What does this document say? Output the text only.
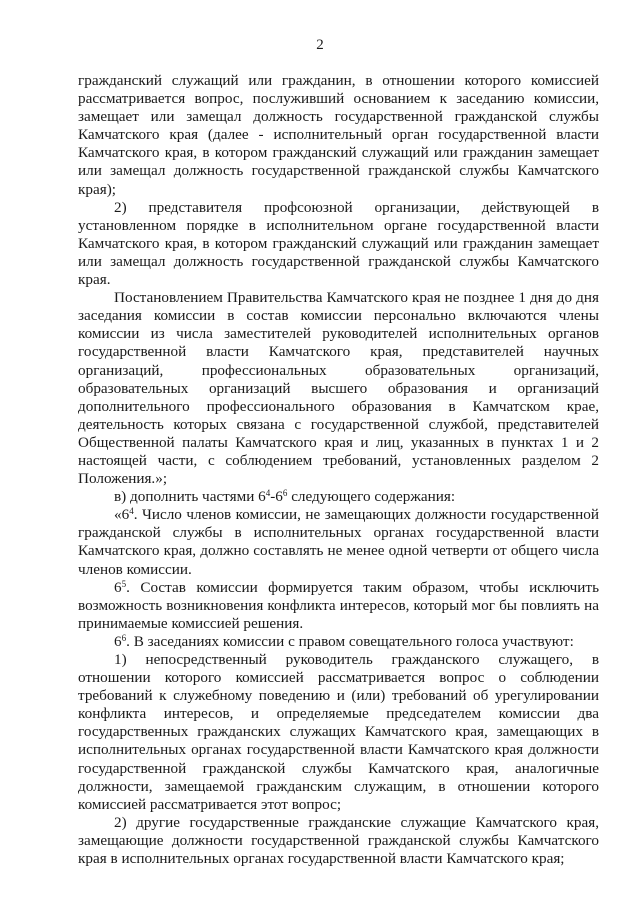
2

гражданский служащий или гражданин, в отношении которого комиссией рассматривается вопрос, послуживший основанием к заседанию комиссии, замещает или замещал должность государственной гражданской службы Камчатского края (далее - исполнительный орган государственной власти Камчатского края, в котором гражданский служащий или гражданин замещает или замещал должность государственной гражданской службы Камчатского края);

2) представителя профсоюзной организации, действующей в установленном порядке в исполнительном органе государственной власти Камчатского края, в котором гражданский служащий или гражданин замещает или замещал должность государственной гражданской службы Камчатского края.

Постановлением Правительства Камчатского края не позднее 1 дня до дня заседания комиссии в состав комиссии персонально включаются члены комиссии из числа заместителей руководителей исполнительных органов государственной власти Камчатского края, представителей научных организаций, профессиональных образовательных организаций, образовательных организаций высшего образования и организаций дополнительного профессионального образования в Камчатском крае, деятельность которых связана с государственной службой, представителей Общественной палаты Камчатского края и лиц, указанных в пунктах 1 и 2 настоящей части, с соблюдением требований, установленных разделом 2 Положения.»;

в) дополнить частями $6^4-6^6$ следующего содержания:

«$6^4$. Число членов комиссии, не замещающих должности государственной гражданской службы в исполнительных органах государственной власти Камчатского края, должно составлять не менее одной четверти от общего числа членов комиссии.

$6^5$. Состав комиссии формируется таким образом, чтобы исключить возможность возникновения конфликта интересов, который мог бы повлиять на принимаемые комиссией решения.

$6^6$. В заседаниях комиссии с правом совещательного голоса участвуют:

1) непосредственный руководитель гражданского служащего, в отношении которого комиссией рассматривается вопрос о соблюдении требований к служебному поведению и (или) требований об урегулировании конфликта интересов, и определяемые председателем комиссии два государственных гражданских служащих Камчатского края, замещающих в исполнительных органах государственной власти Камчатского края должности государственной гражданской службы Камчатского края, аналогичные должности, замещаемой гражданским служащим, в отношении которого комиссией рассматривается этот вопрос;

2) другие государственные гражданские служащие Камчатского края, замещающие должности государственной гражданской службы Камчатского края в исполнительных органах государственной власти Камчатского края;
